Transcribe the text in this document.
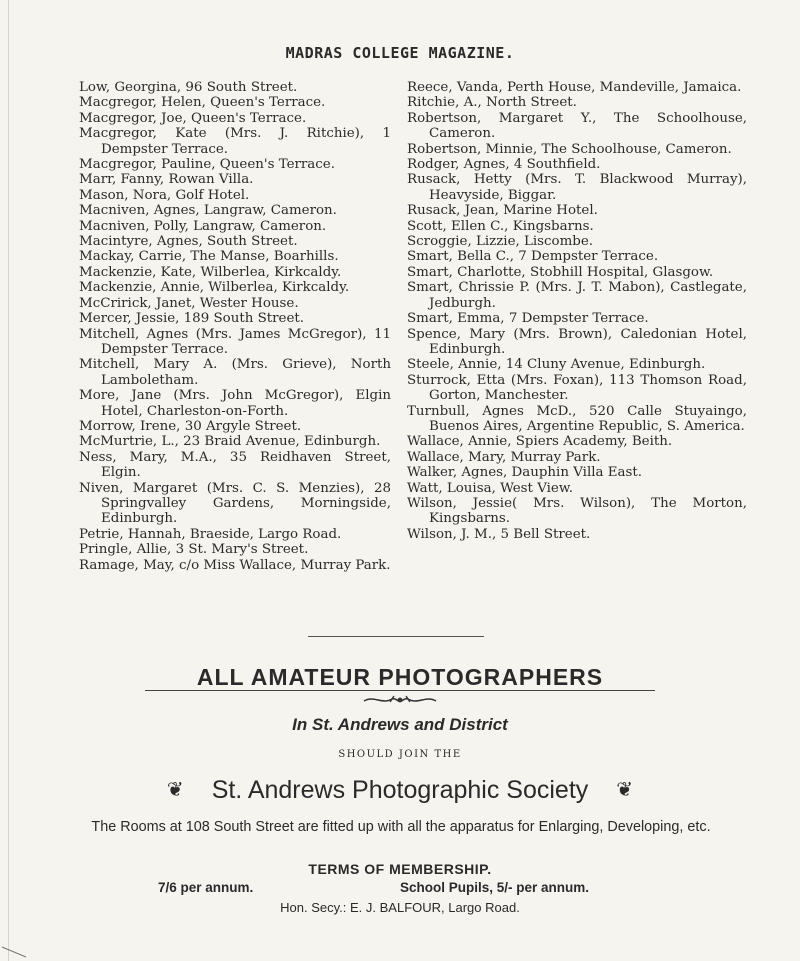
MADRAS COLLEGE MAGAZINE.
Low, Georgina, 96 South Street.
Macgregor, Helen, Queen's Terrace.
Macgregor, Joe, Queen's Terrace.
Macgregor, Kate (Mrs. J. Ritchie), 1 Dempster Terrace.
Macgregor, Pauline, Queen's Terrace.
Marr, Fanny, Rowan Villa.
Mason, Nora, Golf Hotel.
Macniven, Agnes, Langraw, Cameron.
Macniven, Polly, Langraw, Cameron.
Macintyre, Agnes, South Street.
Mackay, Carrie, The Manse, Boarhills.
Mackenzie, Kate, Wilberlea, Kirkcaldy.
Mackenzie, Annie, Wilberlea, Kirkcaldy.
McCririck, Janet, Wester House.
Mercer, Jessie, 189 South Street.
Mitchell, Agnes (Mrs. James McGregor), 11 Dempster Terrace.
Mitchell, Mary A. (Mrs. Grieve), North Lamboletham.
More, Jane (Mrs. John McGregor), Elgin Hotel, Charleston-on-Forth.
Morrow, Irene, 30 Argyle Street.
McMurtrie, L., 23 Braid Avenue, Edinburgh.
Ness, Mary, M.A., 35 Reidhaven Street, Elgin.
Niven, Margaret (Mrs. C. S. Menzies), 28 Springvalley Gardens, Morningside, Edinburgh.
Petrie, Hannah, Braeside, Largo Road.
Pringle, Allie, 3 St. Mary's Street.
Ramage, May, c/o Miss Wallace, Murray Park.
Reece, Vanda, Perth House, Mandeville, Jamaica.
Ritchie, A., North Street.
Robertson, Margaret Y., The Schoolhouse, Cameron.
Robertson, Minnie, The Schoolhouse, Cameron.
Rodger, Agnes, 4 Southfield.
Rusack, Hetty (Mrs. T. Blackwood Murray), Heavyside, Biggar.
Rusack, Jean, Marine Hotel.
Scott, Ellen C., Kingsbarns.
Scroggie, Lizzie, Liscombe.
Smart, Bella C., 7 Dempster Terrace.
Smart, Charlotte, Stobhill Hospital, Glasgow.
Smart, Chrissie P. (Mrs. J. T. Mabon), Castlegate, Jedburgh.
Smart, Emma, 7 Dempster Terrace.
Spence, Mary (Mrs. Brown), Caledonian Hotel, Edinburgh.
Steele, Annie, 14 Cluny Avenue, Edinburgh.
Sturrock, Etta (Mrs. Foxan), 113 Thomson Road, Gorton, Manchester.
Turnbull, Agnes McD., 520 Calle Stuyaingo, Buenos Aires, Argentine Republic, S. America.
Wallace, Annie, Spiers Academy, Beith.
Wallace, Mary, Murray Park.
Walker, Agnes, Dauphin Villa East.
Watt, Louisa, West View.
Wilson, Jessie( Mrs. Wilson), The Morton, Kingsbarns.
Wilson, J. M., 5 Bell Street.
ALL AMATEUR PHOTOGRAPHERS
In St. Andrews and District
SHOULD JOIN THE
❦ St. Andrews Photographic Society ❦
The Rooms at 108 South Street are fitted up with all the apparatus for Enlarging, Developing, etc.
TERMS OF MEMBERSHIP.
7/6 per annum.	School Pupils, 5/- per annum.
Hon. Secy.: E. J. BALFOUR, Largo Road.
